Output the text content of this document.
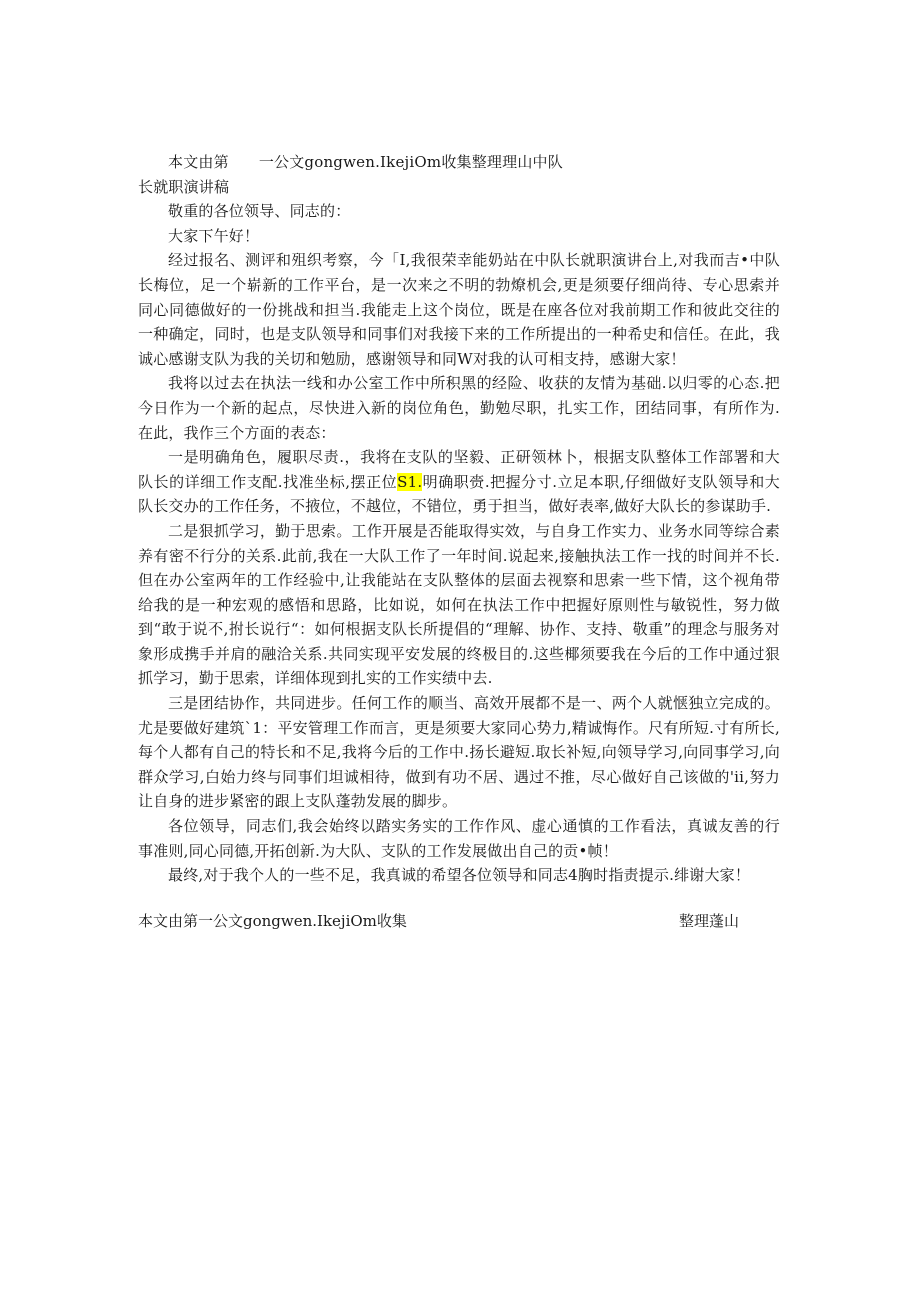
本文由第 一公文gongwen.IkejiOm收集整理理山中队

长就职演讲稿

敬重的各位领导、同志的：

大家下午好！

经过报名、测评和殂织考察，今「I,我很荣幸能奶站在中队长就职演讲台上,对我而吉•中队长梅位，足一个崭新的工作平台，是一次来之不明的勃燎机会,更是须要仔细尚待、专心思索并同心同德做好的一份挑战和担当.我能走上这个岗位，既是在座各位对我前期工作和彼此交往的一种确定，同时，也是支队领导和同事们对我接下来的工作所提出的一种希史和信任。在此，我诚心感谢支队为我的关切和勉励，感谢领导和同W对我的认可相支持，感谢大家！

我将以过去在执法一线和办公室工作中所积黑的经险、收获的友情为基础.以归零的心态.把今日作为一个新的起点，尽快进入新的岗位角色，勤勉尽职，扎实工作，团结同事，有所作为.在此，我作三个方面的表态：

一是明确角色，履职尽责.，我将在支队的坚毅、正研领林卜，根据支队整体工作部署和大队长的详细工作支配.找准坐标,摆正位S1.明确职赍.把握分寸.立足本职,仔细做好支队领导和大队长交办的工作任务，不掖位，不越位，不错位，勇于担当，做好表率,做好大队长的参谋助手.

二是狠抓学习，勤于思索。工作开展是否能取得实效，与自身工作实力、业务水同等综合素养有密不行分的关系.此前,我在一大队工作了一年时间.说起来,接触执法工作一找的时间并不长.但在办公室两年的工作经验中,让我能站在支队整体的层面去视察和思索一些下情，这个视角带给我的是一种宏观的感悟和思路，比如说，如何在执法工作中把握好原则性与敏锐性，努力做到“敢于说不,拊长说行“：如何根据支队长所提倡的“理解、协作、支持、敬重”的理念与服务对象形成携手并肩的融洽关系.共同实现平安发展的终极目的.这些椰须要我在今后的工作中通过狠抓学习，勤于思索，详细体现到扎实的工作实绩中去.

三是团结协作，共同进步。任何工作的顺当、高效开展都不是一、两个人就惬独立完成的。尤是要做好建筑`1：平安管理工作而言，更是须要大家同心势力,精诚悔作。尺有所短.寸有所长,每个人都有自己的特长和不足,我将今后的工作中.扬长避短.取长补短,向领导学习,向同事学习,向群众学习,白始力终与同事们坦诚相待，做到有功不居、遇过不推，尽心做好自己该做的'ii,努力让自身的进步紧密的跟上支队蓬勃发展的脚步。

各位领导，同志们,我会始终以踏实务实的工作作风、虚心通慎的工作看法，真诚友善的行事准则,同心同德,开拓创新.为大队、支队的工作发展做出自己的贡•帧！

最终,对于我个人的一些不足，我真诚的希望各位领导和同志4胸时指责提示.绯谢大家！

本文由第一公文gongwen.IkejiOm收集	整理蓬山
